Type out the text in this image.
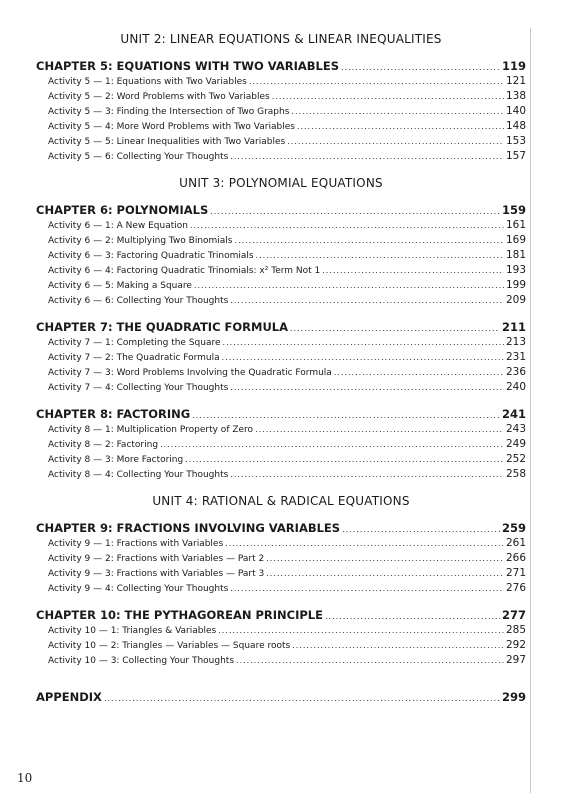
UNIT 2: LINEAR EQUATIONS & LINEAR INEQUALITIES
CHAPTER 5: EQUATIONS WITH TWO VARIABLES .....	119
Activity 5 — 1: Equations with Two Variables .....	121
Activity 5 — 2: Word Problems with Two Variables .....	138
Activity 5 — 3: Finding the Intersection of Two Graphs .....	140
Activity 5 — 4: More Word Problems with Two Variables .....	148
Activity 5 — 5: Linear Inequalities with Two Variables .....	153
Activity 5 — 6: Collecting Your Thoughts .....	157
UNIT 3: POLYNOMIAL EQUATIONS
CHAPTER 6: POLYNOMIALS .....	159
Activity 6 — 1: A New Equation .....	161
Activity 6 — 2: Multiplying Two Binomials .....	169
Activity 6 — 3: Factoring Quadratic Trinomials .....	181
Activity 6 — 4: Factoring Quadratic Trinomials: x² Term Not 1 .....	193
Activity 6 — 5: Making a Square .....	199
Activity 6 — 6: Collecting Your Thoughts .....	209
CHAPTER 7: THE QUADRATIC FORMULA .....	211
Activity 7 — 1: Completing the Square .....	213
Activity 7 — 2: The Quadratic Formula .....	231
Activity 7 — 3: Word Problems Involving the Quadratic Formula .....	236
Activity 7 — 4: Collecting Your Thoughts .....	240
CHAPTER 8: FACTORING .....	241
Activity 8 — 1: Multiplication Property of Zero .....	243
Activity 8 — 2: Factoring .....	249
Activity 8 — 3: More Factoring .....	252
Activity 8 — 4: Collecting Your Thoughts .....	258
UNIT 4: RATIONAL & RADICAL EQUATIONS
CHAPTER 9: FRACTIONS INVOLVING VARIABLES .....	259
Activity 9 — 1: Fractions with Variables .....	261
Activity 9 — 2: Fractions with Variables — Part 2 .....	266
Activity 9 — 3: Fractions with Variables — Part 3 .....	271
Activity 9 — 4: Collecting Your Thoughts .....	276
CHAPTER 10: THE PYTHAGOREAN PRINCIPLE .....	277
Activity 10 — 1: Triangles & Variables .....	285
Activity 10 — 2: Triangles — Variables — Square roots .....	292
Activity 10 — 3: Collecting Your Thoughts .....	297
APPENDIX .....	299
10
